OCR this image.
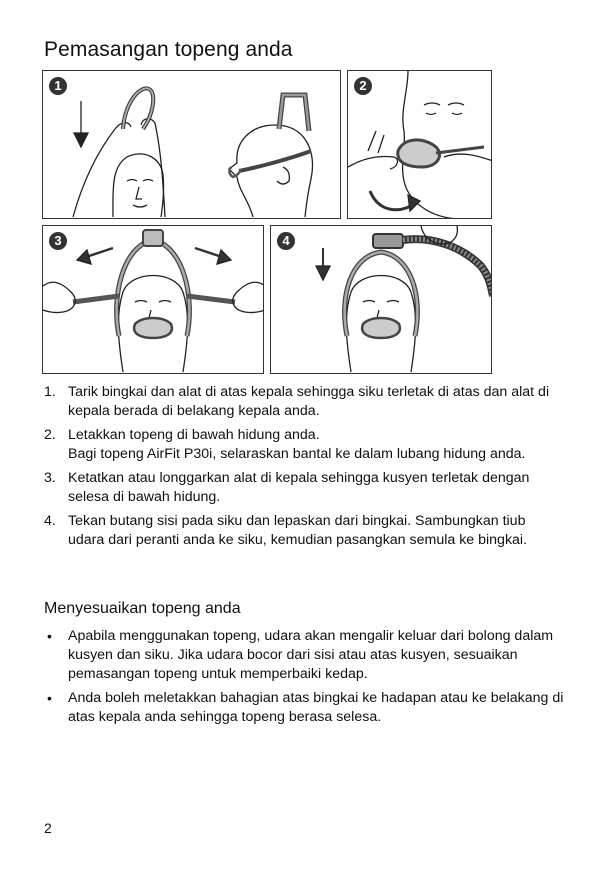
Pemasangan topeng anda
1	2
3	4
1. Tarik bingkai dan alat di atas kepala sehingga siku terletak di atas dan alat di kepala berada di belakang kepala anda.
2. Letakkan topeng di bawah hidung anda.
Bagi topeng AirFit P30i, selaraskan bantal ke dalam lubang hidung anda.
3. Ketatkan atau longgarkan alat di kepala sehingga kusyen terletak dengan selesa di bawah hidung.
4. Tekan butang sisi pada siku dan lepaskan dari bingkai. Sambungkan tiub udara dari peranti anda ke siku, kemudian pasangkan semula ke bingkai.
Menyesuaikan topeng anda
• Apabila menggunakan topeng, udara akan mengalir keluar dari bolong dalam kusyen dan siku. Jika udara bocor dari sisi atau atas kusyen, sesuaikan pemasangan topeng untuk memperbaiki kedap.
• Anda boleh meletakkan bahagian atas bingkai ke hadapan atau ke belakang di atas kepala anda sehingga topeng berasa selesa.
2
